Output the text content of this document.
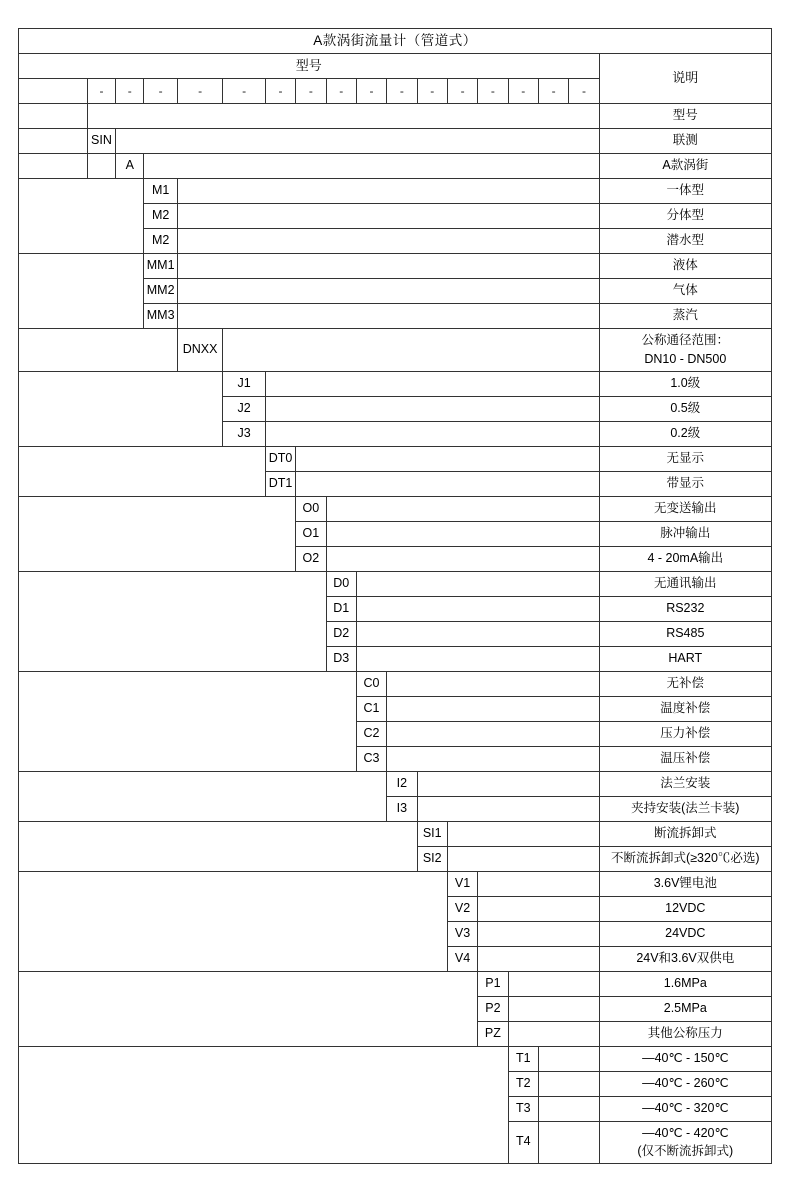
A款涡街流量计（管道式）																	
型号																	说明
	-	-	-	-	-	-	-	-	-	-	-	-	-	-	-	-	
LUGB																	型号
公司名称	SIN																联测
		A															A款涡街
仪表类型			M1														一体型
			M2														分体型
			M2														潜水型
测量介质			MM1														液体
			MM2														气体
			MM3														蒸汽
公称通径				DNXX													公称通径范围：
DN10 - DN500

精度等级					J1												1.0级
					J2												0.5级
					J3												0.2级
显示类型						DT0											无显示
						DT1											带显示
变送输出类型							O0										无变送输出
							O1										脉冲输出
							O2										4 - 20mA输出
通讯输出类型								D0									无通讯输出
								D1									RS232
								D2									RS485
								D3									HART
补偿类型									C0								无补偿
									C1								温度补偿
									C2								压力补偿
									C3								温压补偿
安装方式										I2							法兰安装
										I3							夹持安装(法兰卡装)
传感器安装方式											SI1						断流拆卸式
											SI2						不断流拆卸式(≥320℃必选)
供电电源												V1					3.6V锂电池
												V2					12VDC
												V3					24VDC
												V4					24V和3.6V双供电
公称压力													P1				1.6MPa
													P2				2.5MPa
													PZ				其他公称压力
耐温等级														T1			—40℃ - 150℃
														T2			—40℃ - 260℃
														T3			—40℃ - 320℃
														T4			—40℃ - 420℃
(仅不断流拆卸式)
